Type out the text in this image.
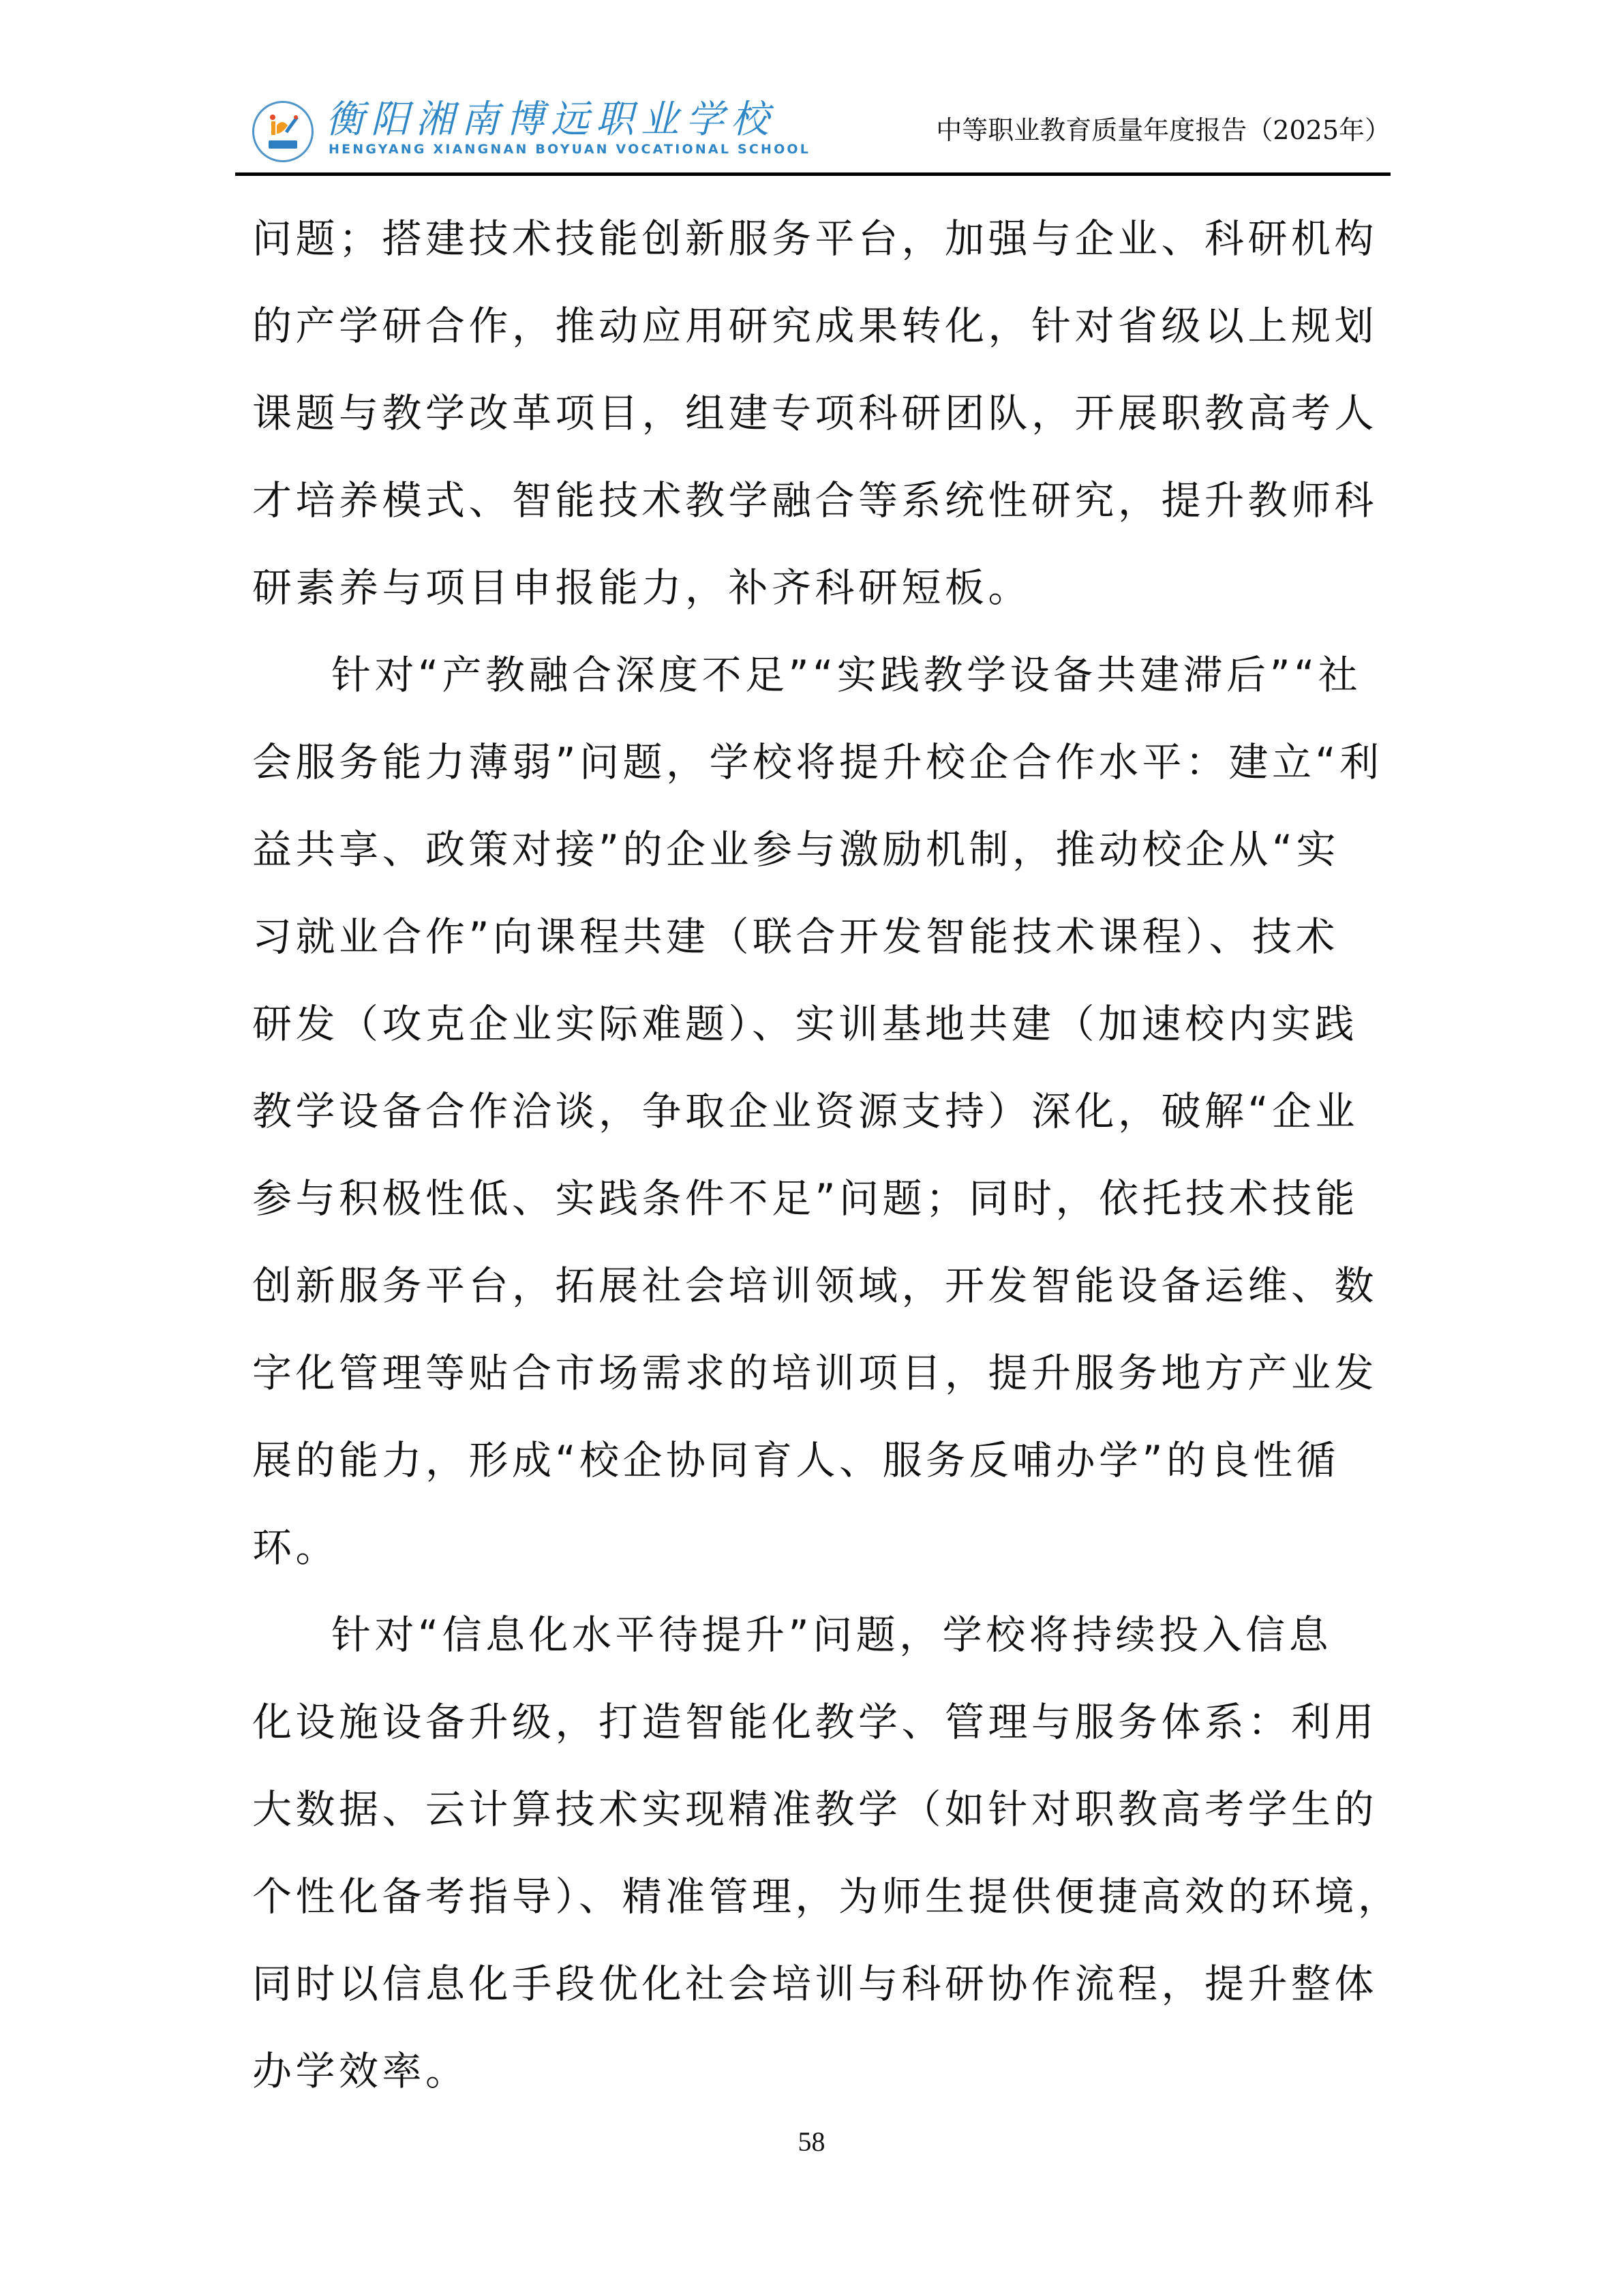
衡阳湘南博远职业学校
HENGYANG XIANGNAN BOYUAN VOCATIONAL SCHOOL
中等职业教育质量年度报告（2025年）
问题；搭建技术技能创新服务平台，加强与企业、科研机构
的产学研合作，推动应用研究成果转化，针对省级以上规划
课题与教学改革项目，组建专项科研团队，开展职教高考人
才培养模式、智能技术教学融合等系统性研究，提升教师科
研素养与项目申报能力，补齐科研短板。
针对“产教融合深度不足”“实践教学设备共建滞后”“社
会服务能力薄弱”问题，学校将提升校企合作水平：建立“利
益共享、政策对接”的企业参与激励机制，推动校企从“实
习就业合作”向课程共建（联合开发智能技术课程）、技术
研发（攻克企业实际难题）、实训基地共建（加速校内实践
教学设备合作洽谈，争取企业资源支持）深化，破解“企业
参与积极性低、实践条件不足”问题；同时，依托技术技能
创新服务平台，拓展社会培训领域，开发智能设备运维、数
字化管理等贴合市场需求的培训项目，提升服务地方产业发
展的能力，形成“校企协同育人、服务反哺办学”的良性循
环。
针对“信息化水平待提升”问题，学校将持续投入信息
化设施设备升级，打造智能化教学、管理与服务体系：利用
大数据、云计算技术实现精准教学（如针对职教高考学生的
个性化备考指导）、精准管理，为师生提供便捷高效的环境，
同时以信息化手段优化社会培训与科研协作流程，提升整体
办学效率。
58
